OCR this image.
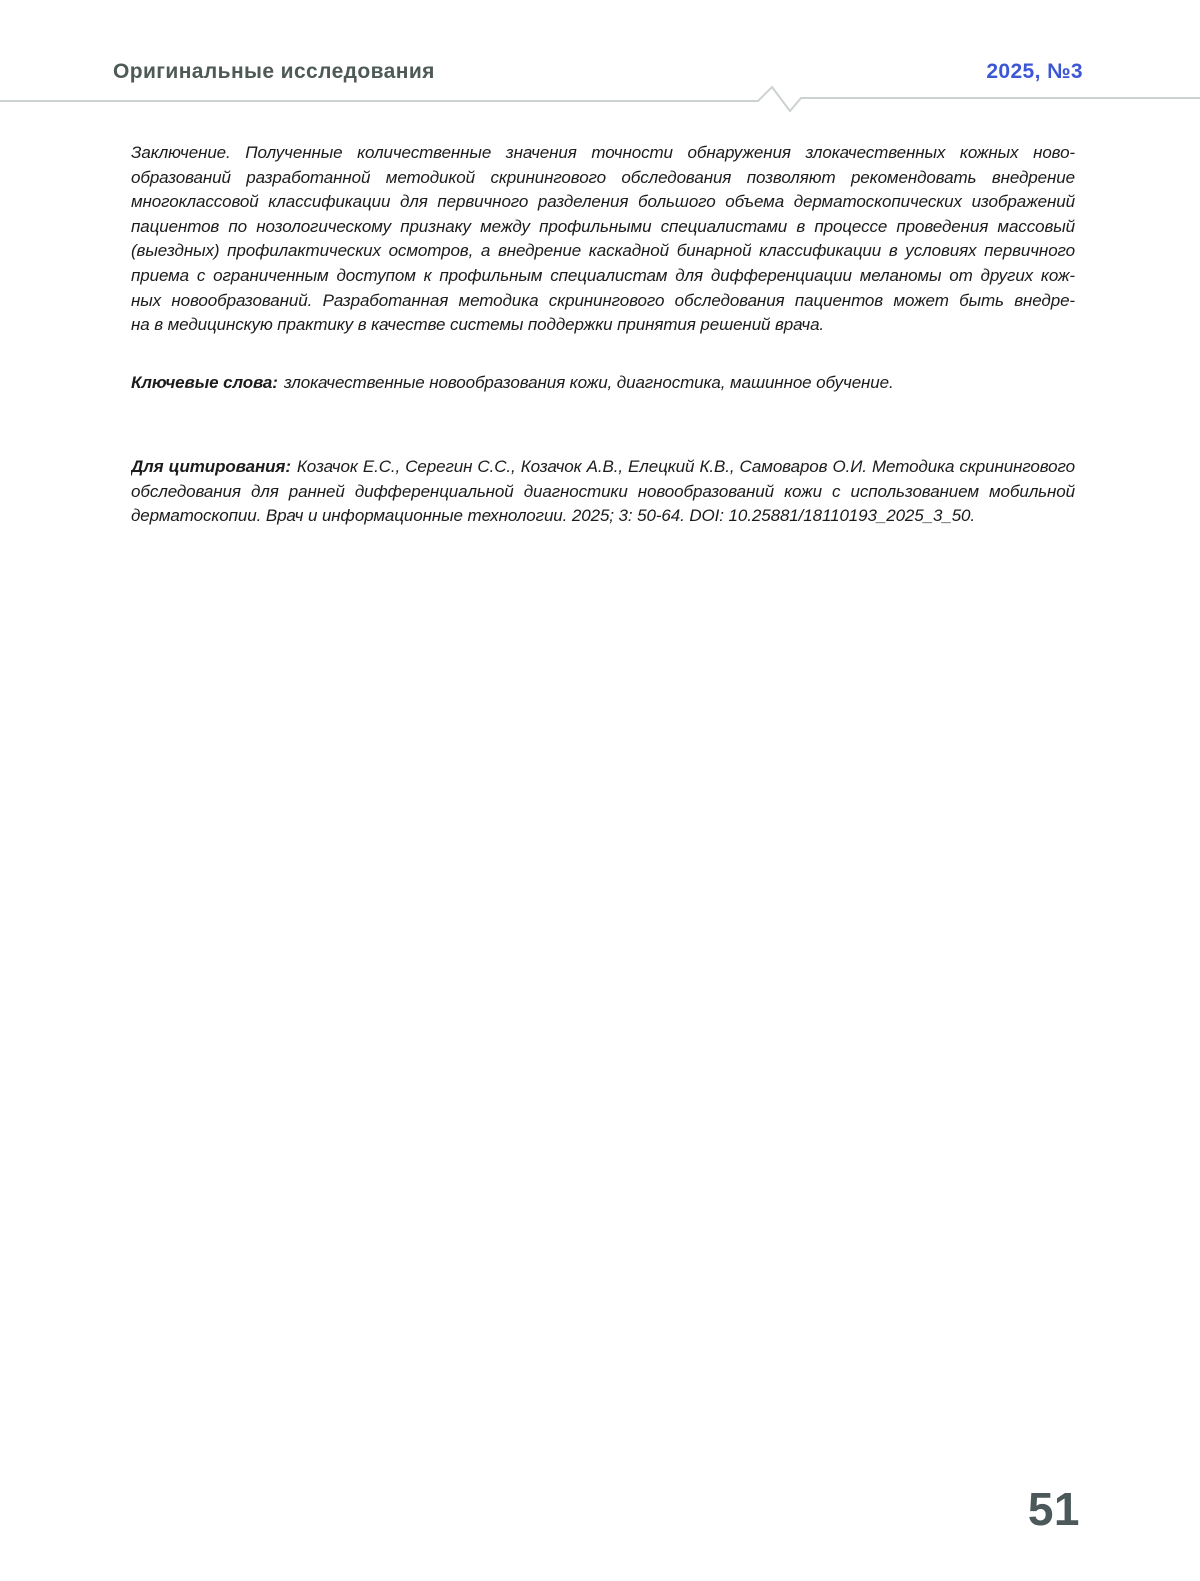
Оригинальные исследования	2025, №3
Заключение. Полученные количественные значения точности обнаружения злокачественных кожных ново-
образований разработанной методикой скринингового обследования позволяют рекомендовать внедрение
многоклассовой классификации для первичного разделения большого объема дерматоскопических изображений
пациентов по нозологическому признаку между профильными специалистами в процессе проведения массовый
(выездных) профилактических осмотров, а внедрение каскадной бинарной классификации в условиях первичного
приема с ограниченным доступом к профильным специалистам для дифференциации меланомы от других кож-
ных новообразований. Разработанная методика скринингового обследования пациентов может быть внедре-
на в медицинскую практику в качестве системы поддержки принятия решений врача.
Ключевые слова: злокачественные новообразования кожи, диагностика, машинное обучение.
Для цитирования: Козачок Е.С., Серегин С.С., Козачок А.В., Елецкий К.В., Самоваров О.И. Методика скринингового
обследования для ранней дифференциальной диагностики новообразований кожи с использованием мобильной
дерматоскопии. Врач и информационные технологии. 2025; 3: 50-64. DOI: 10.25881/18110193_2025_3_50.
51
